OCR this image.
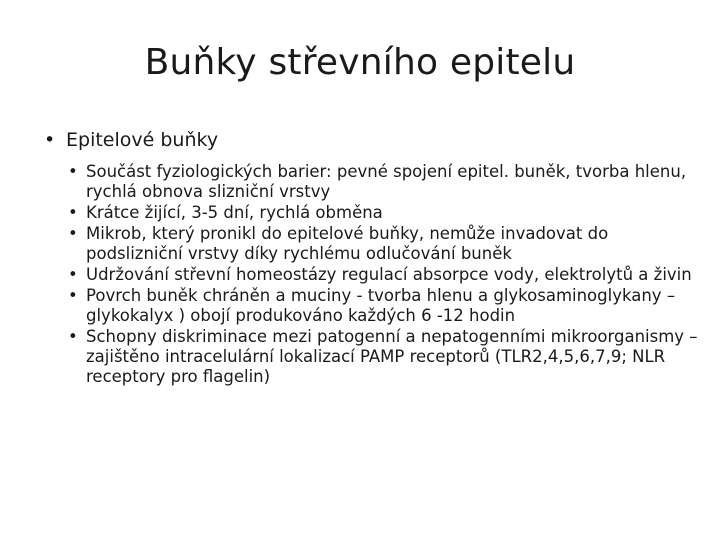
Buňky střevního epitelu
• Epitelové buňky
• Součást fyziologických barier: pevné spojení epitel. buněk, tvorba hlenu, rychlá obnova slizniční vrstvy
• Krátce žijící, 3-5 dní, rychlá obměna
• Mikrob, který pronikl do epitelové buňky, nemůže invadovat do podslizniční vrstvy díky rychlému odlučování buněk
• Udržování střevní homeostázy regulací absorpce vody, elektrolytů a živin
• Povrch buněk chráněn a muciny - tvorba hlenu a glykosaminoglykany – glykokalyx ) obojí produkováno každých 6 -12 hodin
• Schopny diskriminace mezi patogenní a nepatogenními mikroorganismy – zajištěno intracelulární lokalizací PAMP receptorů (TLR2,4,5,6,7,9; NLR receptory pro flagelin)
